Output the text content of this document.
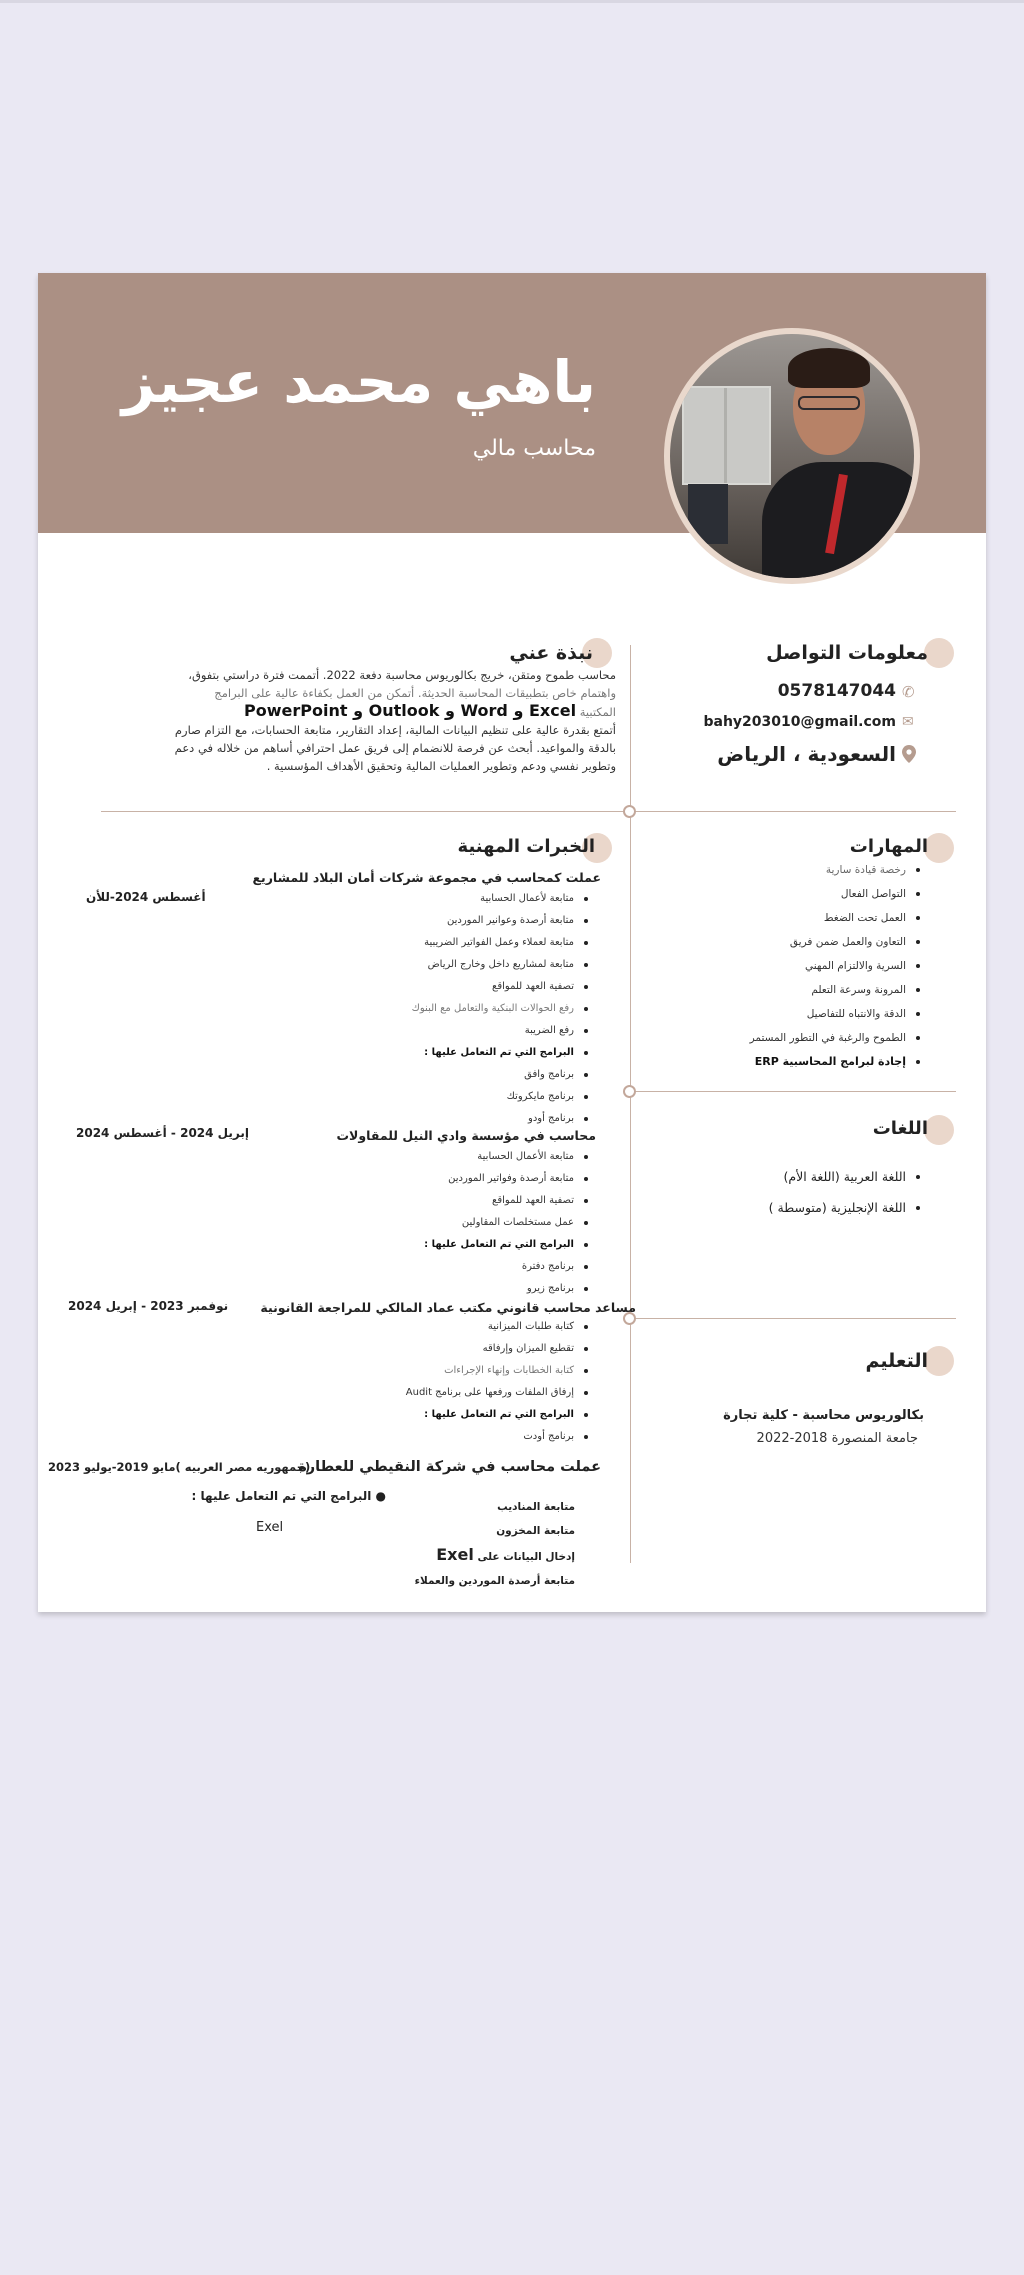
باهي محمد عجيز
محاسب مالي
معلومات التواصل
0578147044 ✆
bahy203010@gmail.com ✉
السعودية ، الرياض
نبذة عني
محاسب طموح ومتقن، خريج بكالوريوس محاسبة دفعة 2022. أتممت فترة دراستي بتفوق،
واهتمام خاص بتطبيقات المحاسبة الحديثة. أتمكن من العمل بكفاءة عالية على البرامج
المكتبية Excel و Word و Outlook و PowerPoint
أتمتع بقدرة عالية على تنظيم البيانات المالية، إعداد التقارير، متابعة الحسابات، مع التزام صارم
بالدقة والمواعيد. أبحث عن فرصة للانضمام إلى فريق عمل احترافي أساهم من خلاله في دعم
وتطوير نفسي ودعم وتطوير العمليات المالية وتحقيق الأهداف المؤسسية .
المهارات
رخصة قيادة سارية
التواصل الفعال
العمل تحت الضغط
التعاون والعمل ضمن فريق
السرية والالتزام المهني
المرونة وسرعة التعلم
الدقة والانتباه للتفاصيل
الطموح والرغبة في التطور المستمر
إجادة لبرامج المحاسبية ERP
اللغات
اللغة العربية (اللغة الأم)
اللغة الإنجليزية (متوسطة )
التعليم
بكالوريوس محاسبة - كلية تجارة
جامعة المنصورة 2018-2022
الخبرات المهنية
عملت كمحاسب في مجموعة شركات أمان البلاد للمشاريع
أغسطس 2024-للأن	متابعة لأعمال الحسابية
متابعة أرصدة وعوانير الموردين
متابعة لعملاء وعمل الفواتير الضريبية
متابعة لمشاريع داخل وخارج الرياض
تصفية العهد للمواقع
رفع الحوالات البنكية والتعامل مع البنوك
رفع الضريبة
البرامج التي تم التعامل عليها :
برنامج وافق
برنامج مايكروتك
برنامج أودو
محاسب في مؤسسة وادي النيل للمقاولات
إبريل 2024 - أغسطس 2024
متابعة الأعمال الحسابية
متابعة أرصدة وفواتير الموردين
تصفية العهد للمواقع
عمل مستخلصات المقاولين
البرامج التي تم التعامل عليها :
برنامج دفترة
برنامج زيرو
مساعد محاسب قانوني مكتب عماد المالكي للمراجعة القانونية
نوفمبر 2023 - إبريل 2024
كتابة طلبات الميزانية
تقطيع الميزان وإرفاقه
كتابة الخطابات وإنهاء الإجراءات
إرفاق الملفات ورفعها على برنامج Audit
البرامج التي تم التعامل عليها :
برنامج أودت
عملت محاسب في شركة النقيطي للعطارة
(جمهوريه مصر العربيه )مايو 2019-يوليو 2023
● البرامج التي تم التعامل عليها :
Exel
متابعة المناديب
متابعة المخزون
إدخال البيانات على Exel
متابعة أرصدة الموردين والعملاء
